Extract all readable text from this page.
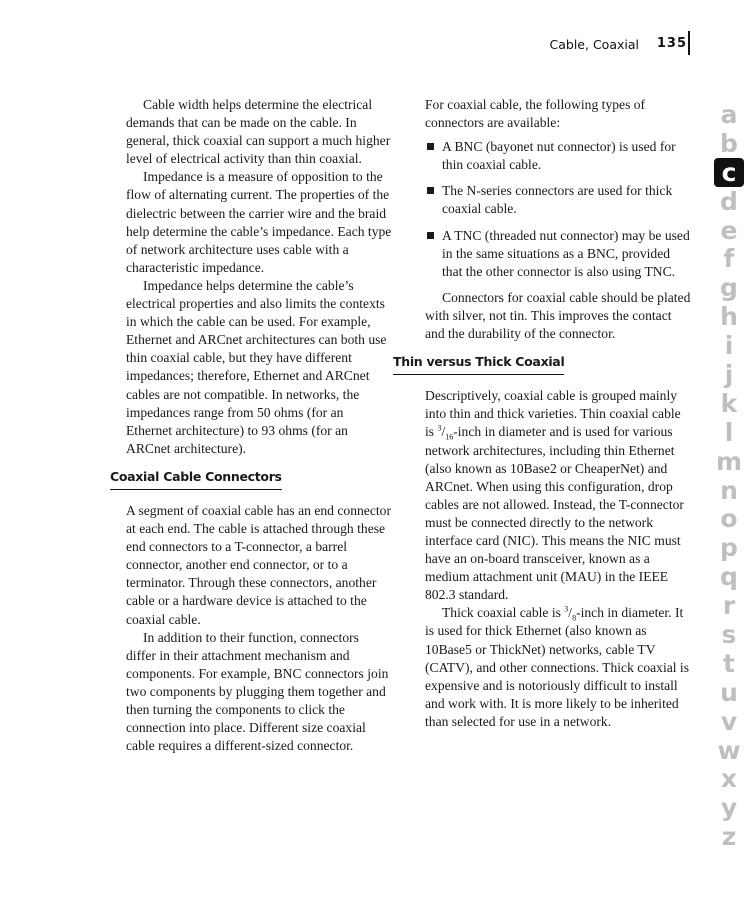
Cable, Coaxial 135

Cable width helps determine the electrical demands that can be made on the cable. In general, thick coaxial can support a much higher level of electrical activity than thin coaxial.

Impedance is a measure of opposition to the flow of alternating current. The properties of the dielectric between the carrier wire and the braid help determine the cable’s impedance. Each type of network architecture uses cable with a characteristic impedance.

Impedance helps determine the cable’s electrical properties and also limits the contexts in which the cable can be used. For example, Ethernet and ARCnet architectures can both use thin coaxial cable, but they have different impedances; therefore, Ethernet and ARCnet cables are not compatible. In networks, the impedances range from 50 ohms (for an Ethernet architecture) to 93 ohms (for an ARCnet architecture).

Coaxial Cable Connectors

A segment of coaxial cable has an end connector at each end. The cable is attached through these end connectors to a T-connector, a barrel connector, another end connector, or to a terminator. Through these connectors, another cable or a hardware device is attached to the coaxial cable.

In addition to their function, connectors differ in their attachment mechanism and components. For example, BNC connectors join two components by plugging them together and then turning the components to click the connection into place. Different size coaxial cable requires a different-sized connector.

For coaxial cable, the following types of connectors are available:

A BNC (bayonet nut connector) is used for thin coaxial cable.
The N-series connectors are used for thick coaxial cable.
A TNC (threaded nut connector) may be used in the same situations as a BNC, provided that the other connector is also using TNC.

Connectors for coaxial cable should be plated with silver, not tin. This improves the contact and the durability of the connector.

Thin versus Thick Coaxial

Descriptively, coaxial cable is grouped mainly into thin and thick varieties. Thin coaxial cable is $^3/_{16}$-inch in diameter and is used for various network architectures, including thin Ethernet (also known as 10Base2 or CheaperNet) and ARCnet. When using this configuration, drop cables are not allowed. Instead, the T-connector must be connected directly to the network interface card (NIC). This means the NIC must have an on-board transceiver, known as a medium attachment unit (MAU) in the IEEE 802.3 standard.

Thick coaxial cable is $^3/_8$-inch in diameter. It is used for thick Ethernet (also known as 10Base5 or ThickNet) networks, cable TV (CATV), and other connections. Thick coaxial is expensive and is notoriously difficult to install and work with. It is more likely to be inherited than selected for use in a network.

a
b
c
d
e
f
g
h
i
j
k
l
m
n
o
p
q
r
s
t
u
v
w
x
y
z
